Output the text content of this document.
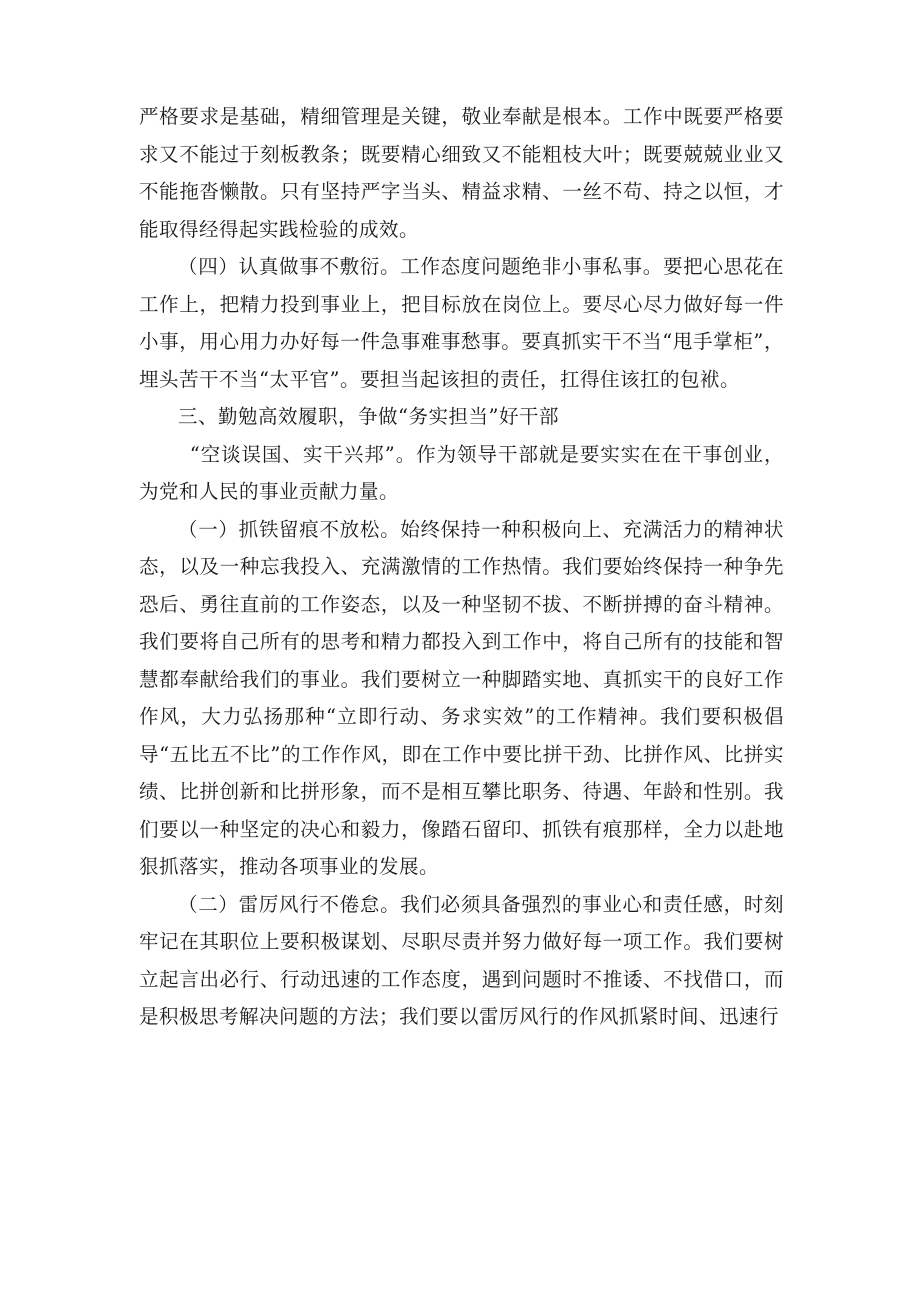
严格要求是基础，精细管理是关键，敬业奉献是根本。工作中既要严格要求又不能过于刻板教条；既要精心细致又不能粗枝大叶；既要兢兢业业又不能拖沓懒散。只有坚持严字当头、精益求精、一丝不苟、持之以恒，才能取得经得起实践检验的成效。

（四）认真做事不敷衍。工作态度问题绝非小事私事。要把心思花在工作上，把精力投到事业上，把目标放在岗位上。要尽心尽力做好每一件小事，用心用力办好每一件急事难事愁事。要真抓实干不当“甩手掌柜”，埋头苦干不当“太平官”。要担当起该担的责任，扛得住该扛的包袱。

三、勤勉高效履职，争做“务实担当”好干部

“空谈误国、实干兴邦”。作为领导干部就是要实实在在干事创业，为党和人民的事业贡献力量。

（一）抓铁留痕不放松。始终保持一种积极向上、充满活力的精神状态，以及一种忘我投入、充满激情的工作热情。我们要始终保持一种争先恐后、勇往直前的工作姿态，以及一种坚韧不拔、不断拼搏的奋斗精神。我们要将自己所有的思考和精力都投入到工作中，将自己所有的技能和智慧都奉献给我们的事业。我们要树立一种脚踏实地、真抓实干的良好工作作风，大力弘扬那种“立即行动、务求实效”的工作精神。我们要积极倡导“五比五不比”的工作作风，即在工作中要比拼干劲、比拼作风、比拼实绩、比拼创新和比拼形象，而不是相互攀比职务、待遇、年龄和性别。我们要以一种坚定的决心和毅力，像踏石留印、抓铁有痕那样，全力以赴地狠抓落实，推动各项事业的发展。

（二）雷厉风行不倦怠。我们必须具备强烈的事业心和责任感，时刻牢记在其职位上要积极谋划、尽职尽责并努力做好每一项工作。我们要树立起言出必行、行动迅速的工作态度，遇到问题时不推诿、不找借口，而是积极思考解决问题的方法；我们要以雷厉风行的作风抓紧时间、迅速行
